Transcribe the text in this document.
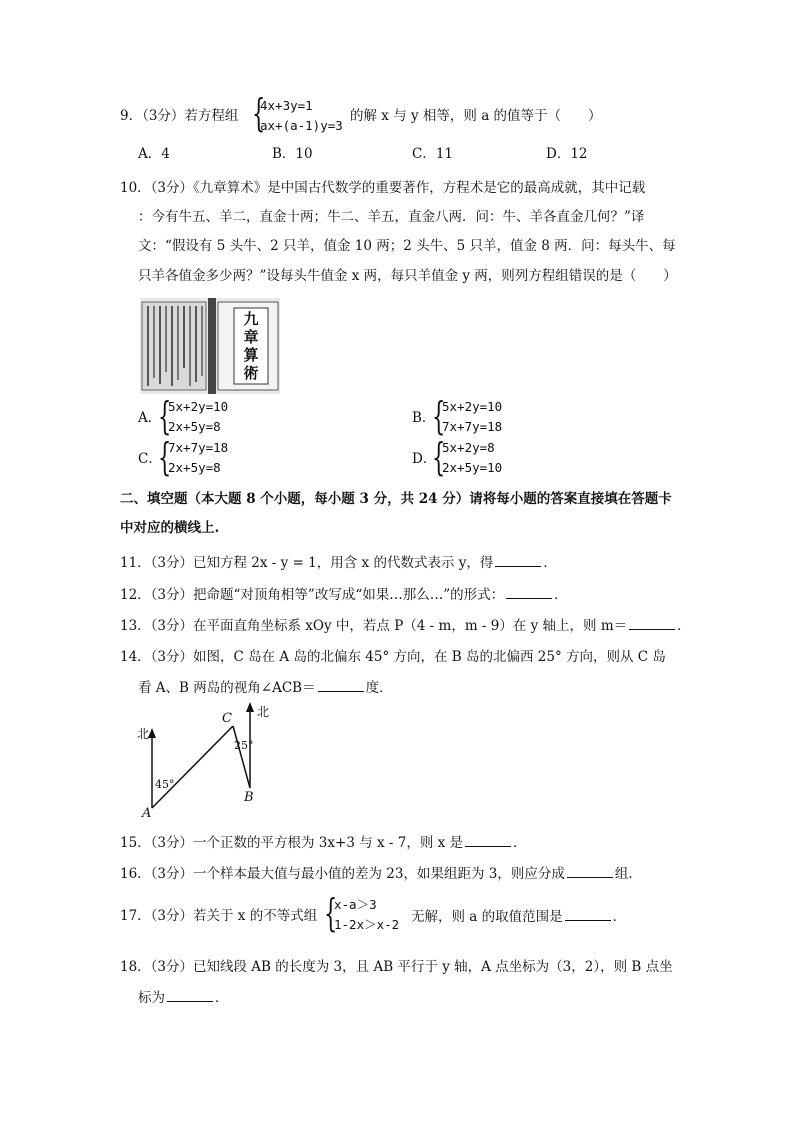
9．（3分）若方程组 {
4x+3y=1
ax+(a-1)y=3
的解 x 与 y 相等，则 a 的值等于（　　）
A．4	B．10	C．11	D．12
10．（3分）《九章算术》是中国古代数学的重要著作，方程术是它的最高成就，其中记载
：今有牛五、羊二，直金十两；牛二、羊五，直金八两．问：牛、羊各直金几何？”译
文：“假设有 5 头牛、2 只羊，值金 10 两；2 头牛、5 只羊，值金 8 两．问：每头牛、每
只羊各值金多少两？”设每头牛值金 x 两，每只羊值金 y 两，则列方程组错误的是（　　）
九
章
算
術
A．
{
5x+2y=10
2x+5y=8
B．
{
5x+2y=10
7x+7y=18
C．
{
7x+7y=18
2x+5y=8
D．
{
5x+2y=8
2x+5y=10
二、填空题（本大题 8 个小题，每小题 3 分，共 24 分）请将每小题的答案直接填在答题卡
中对应的横线上.
11．（3分）已知方程 2x - y = 1，用含 x 的代数式表示 y，得	．
12．（3分）把命题“对顶角相等”改写成“如果…那么…”的形式：	．
13．（3分）在平面直角坐标系 xOy 中，若点 P（4 - m，m - 9）在 y 轴上，则 m＝	．
14．（3分）如图，C 岛在 A 岛的北偏东 45° 方向，在 B 岛的北偏西 25° 方向，则从 C 岛
看 A、B 两岛的视角∠ACB＝	度．
北
北
C
A
B
45°
25°
15．（3分）一个正数的平方根为 3x+3 与 x - 7，则 x 是	．
16．（3分）一个样本最大值与最小值的差为 23，如果组距为 3，则应分成	组．
17．（3分）若关于 x 的不等式组 {
x-a＞3
1-2x＞x-2 无解，则 a 的取值范围是	．
18．（3分）已知线段 AB 的长度为 3，且 AB 平行于 y 轴，A 点坐标为（3，2），则 B 点坐
标为	．
